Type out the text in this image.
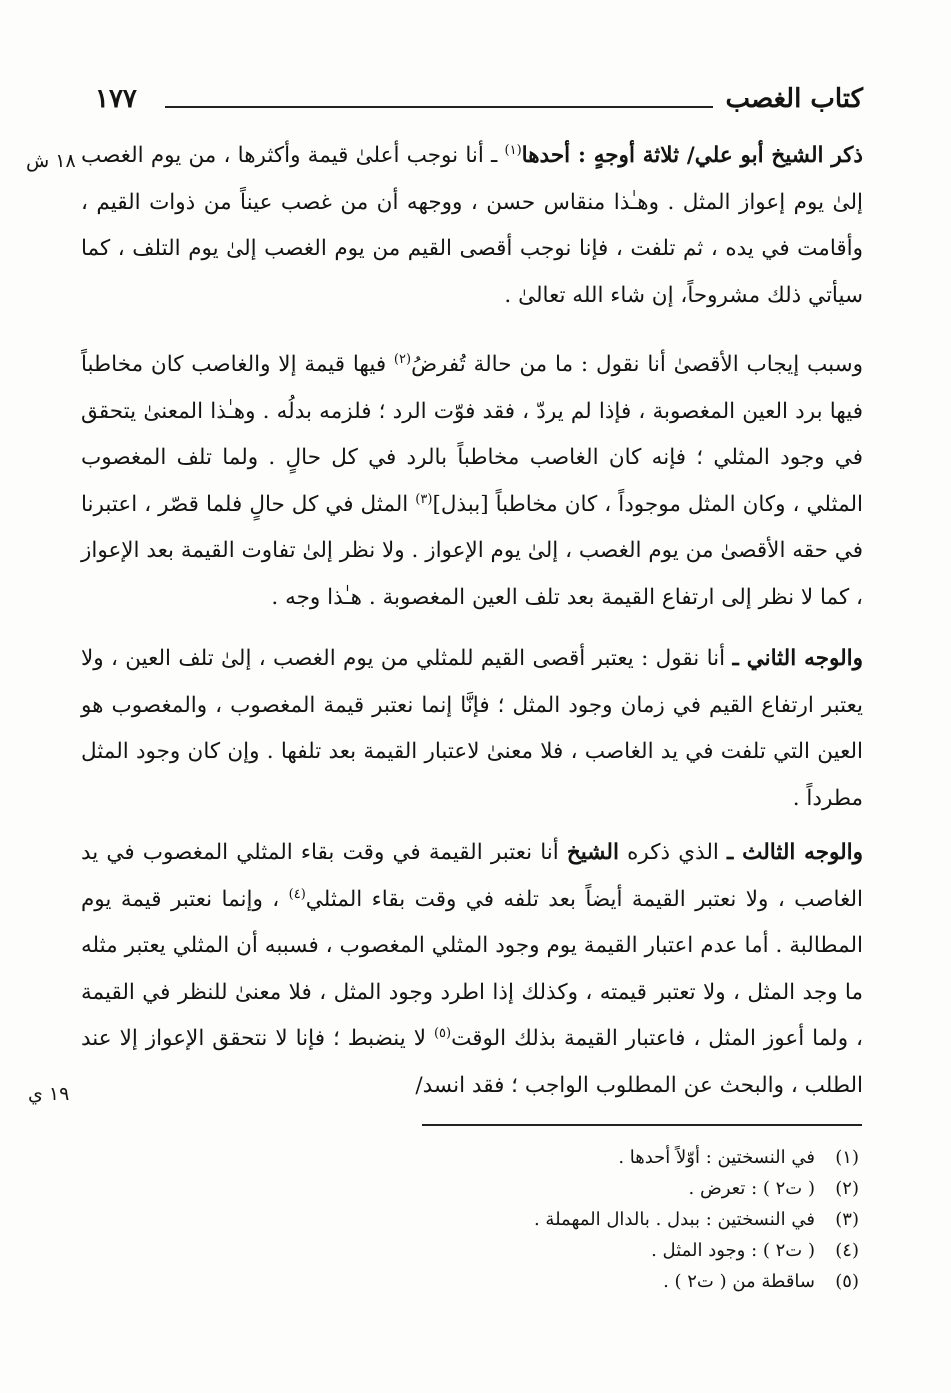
كتاب الغصب
١٧٧
١٨ ش
١٩ ي

ذكر الشيخ أبو علي/ ثلاثة أوجهٍ : أحدها$^{(١)}$ ـ أنا نوجب أعلىٰ قيمة وأكثرها ، من يوم الغصب إلىٰ يوم إعواز المثل . وهـٰذا منقاس حسن ، ووجهه أن من غصب عيناً من ذوات القيم ، وأقامت في يده ، ثم تلفت ، فإنا نوجب أقصى القيم من يوم الغصب إلىٰ يوم التلف ، كما سيأتي ذلك مشروحاً، إن شاء الله تعالىٰ .

وسبب إيجاب الأقصىٰ أنا نقول : ما من حالة تُفرضُ$^{(٢)}$ فيها قيمة إلا والغاصب كان مخاطباً فيها برد العين المغصوبة ، فإذا لم يردّ ، فقد فوّت الرد ؛ فلزمه بدلُه . وهـٰذا المعنىٰ يتحقق في وجود المثلي ؛ فإنه كان الغاصب مخاطباً بالرد في كل حالٍ . ولما تلف المغصوب المثلي ، وكان المثل موجوداً ، كان مخاطباً [ببذل]$^{(٣)}$ المثل في كل حالٍ فلما قصّر ، اعتبرنا في حقه الأقصىٰ من يوم الغصب ، إلىٰ يوم الإعواز . ولا نظر إلىٰ تفاوت القيمة بعد الإعواز ، كما لا نظر إلى ارتفاع القيمة بعد تلف العين المغصوبة . هـٰذا وجه .

والوجه الثاني ـ أنا نقول : يعتبر أقصى القيم للمثلي من يوم الغصب ، إلىٰ تلف العين ، ولا يعتبر ارتفاع القيم في زمان وجود المثل ؛ فإنَّا إنما نعتبر قيمة المغصوب ، والمغصوب هو العين التي تلفت في يد الغاصب ، فلا معنىٰ لاعتبار القيمة بعد تلفها . وإن كان وجود المثل مطرداً .

والوجه الثالث ـ الذي ذكره الشيخ أنا نعتبر القيمة في وقت بقاء المثلي المغصوب في يد الغاصب ، ولا نعتبر القيمة أيضاً بعد تلفه في وقت بقاء المثلي$^{(٤)}$ ، وإنما نعتبر قيمة يوم المطالبة . أما عدم اعتبار القيمة يوم وجود المثلي المغصوب ، فسببه أن المثلي يعتبر مثله ما وجد المثل ، ولا تعتبر قيمته ، وكذلك إذا اطرد وجود المثل ، فلا معنىٰ للنظر في القيمة ، ولما أعوز المثل ، فاعتبار القيمة بذلك الوقت$^{(٥)}$ لا ينضبط ؛ فإنا لا نتحقق الإعواز إلا عند الطلب ، والبحث عن المطلوب الواجب ؛ فقد انسد/

(١)في النسختين : أوّلاً أحدها .
(٢)( ت٢ ) : تعرض .
(٣)في النسختين : ببدل . بالدال المهملة .
(٤)( ت٢ ) : وجود المثل .
(٥)ساقطة من ( ت٢ ) .
